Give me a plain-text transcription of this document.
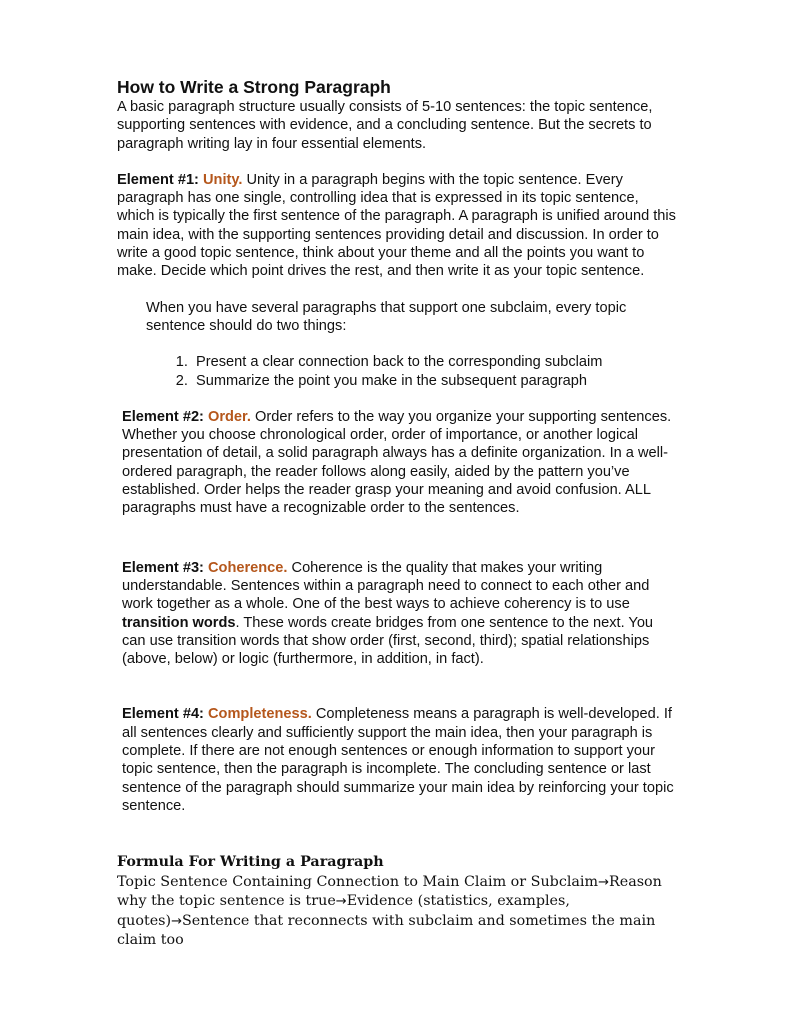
How to Write a Strong Paragraph

A basic paragraph structure usually consists of 5-10 sentences: the topic sentence, supporting sentences with evidence, and a concluding sentence. But the secrets to paragraph writing lay in four essential elements.

Element #1: Unity. Unity in a paragraph begins with the topic sentence. Every paragraph has one single, controlling idea that is expressed in its topic sentence, which is typically the first sentence of the paragraph. A paragraph is unified around this main idea, with the supporting sentences providing detail and discussion. In order to write a good topic sentence, think about your theme and all the points you want to make. Decide which point drives the rest, and then write it as your topic sentence.

When you have several paragraphs that support one subclaim, every topic sentence should do two things:

1. Present a clear connection back to the corresponding subclaim
2. Summarize the point you make in the subsequent paragraph

Element #2: Order. Order refers to the way you organize your supporting sentences. Whether you choose chronological order, order of importance, or another logical presentation of detail, a solid paragraph always has a definite organization. In a well-ordered paragraph, the reader follows along easily, aided by the pattern you’ve established. Order helps the reader grasp your meaning and avoid confusion. ALL paragraphs must have a recognizable order to the sentences.

Element #3: Coherence. Coherence is the quality that makes your writing understandable. Sentences within a paragraph need to connect to each other and work together as a whole. One of the best ways to achieve coherency is to use transition words. These words create bridges from one sentence to the next. You can use transition words that show order (first, second, third); spatial relationships (above, below) or logic (furthermore, in addition, in fact).

Element #4: Completeness. Completeness means a paragraph is well-developed. If all sentences clearly and sufficiently support the main idea, then your paragraph is complete. If there are not enough sentences or enough information to support your topic sentence, then the paragraph is incomplete. The concluding sentence or last sentence of the paragraph should summarize your main idea by reinforcing your topic sentence.

Formula For Writing a Paragraph
Topic Sentence Containing Connection to Main Claim or Subclaim→Reason why the topic sentence is true→Evidence (statistics, examples, quotes)→Sentence that reconnects with subclaim and sometimes the main claim too
